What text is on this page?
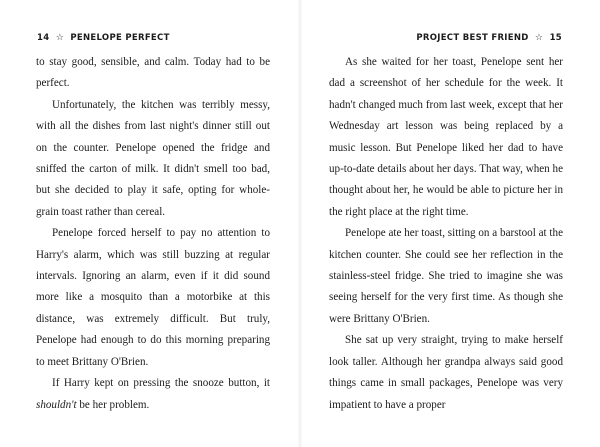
14 ☆ PENELOPE PERFECT

to stay good, sensible, and calm. Today had to be perfect.

Unfortunately, the kitchen was terribly messy, with all the dishes from last night's dinner still out on the counter. Penelope opened the fridge and sniffed the carton of milk. It didn't smell too bad, but she decided to play it safe, opting for whole-grain toast rather than cereal.

Penelope forced herself to pay no attention to Harry's alarm, which was still buzzing at regular intervals. Ignoring an alarm, even if it did sound more like a mosquito than a motorbike at this distance, was extremely difficult. But truly, Penelope had enough to do this morning preparing to meet Brittany O'Brien.

If Harry kept on pressing the snooze button, it shouldn't be her problem.

PROJECT BEST FRIEND ☆ 15

As she waited for her toast, Penelope sent her dad a screenshot of her schedule for the week. It hadn't changed much from last week, except that her Wednesday art lesson was being replaced by a music lesson. But Penelope liked her dad to have up-to-date details about her days. That way, when he thought about her, he would be able to picture her in the right place at the right time.

Penelope ate her toast, sitting on a barstool at the kitchen counter. She could see her reflection in the stainless-steel fridge. She tried to imagine she was seeing herself for the very first time. As though she were Brittany O'Brien.

She sat up very straight, trying to make herself look taller. Although her grandpa always said good things came in small packages, Penelope was very impatient to have a proper
